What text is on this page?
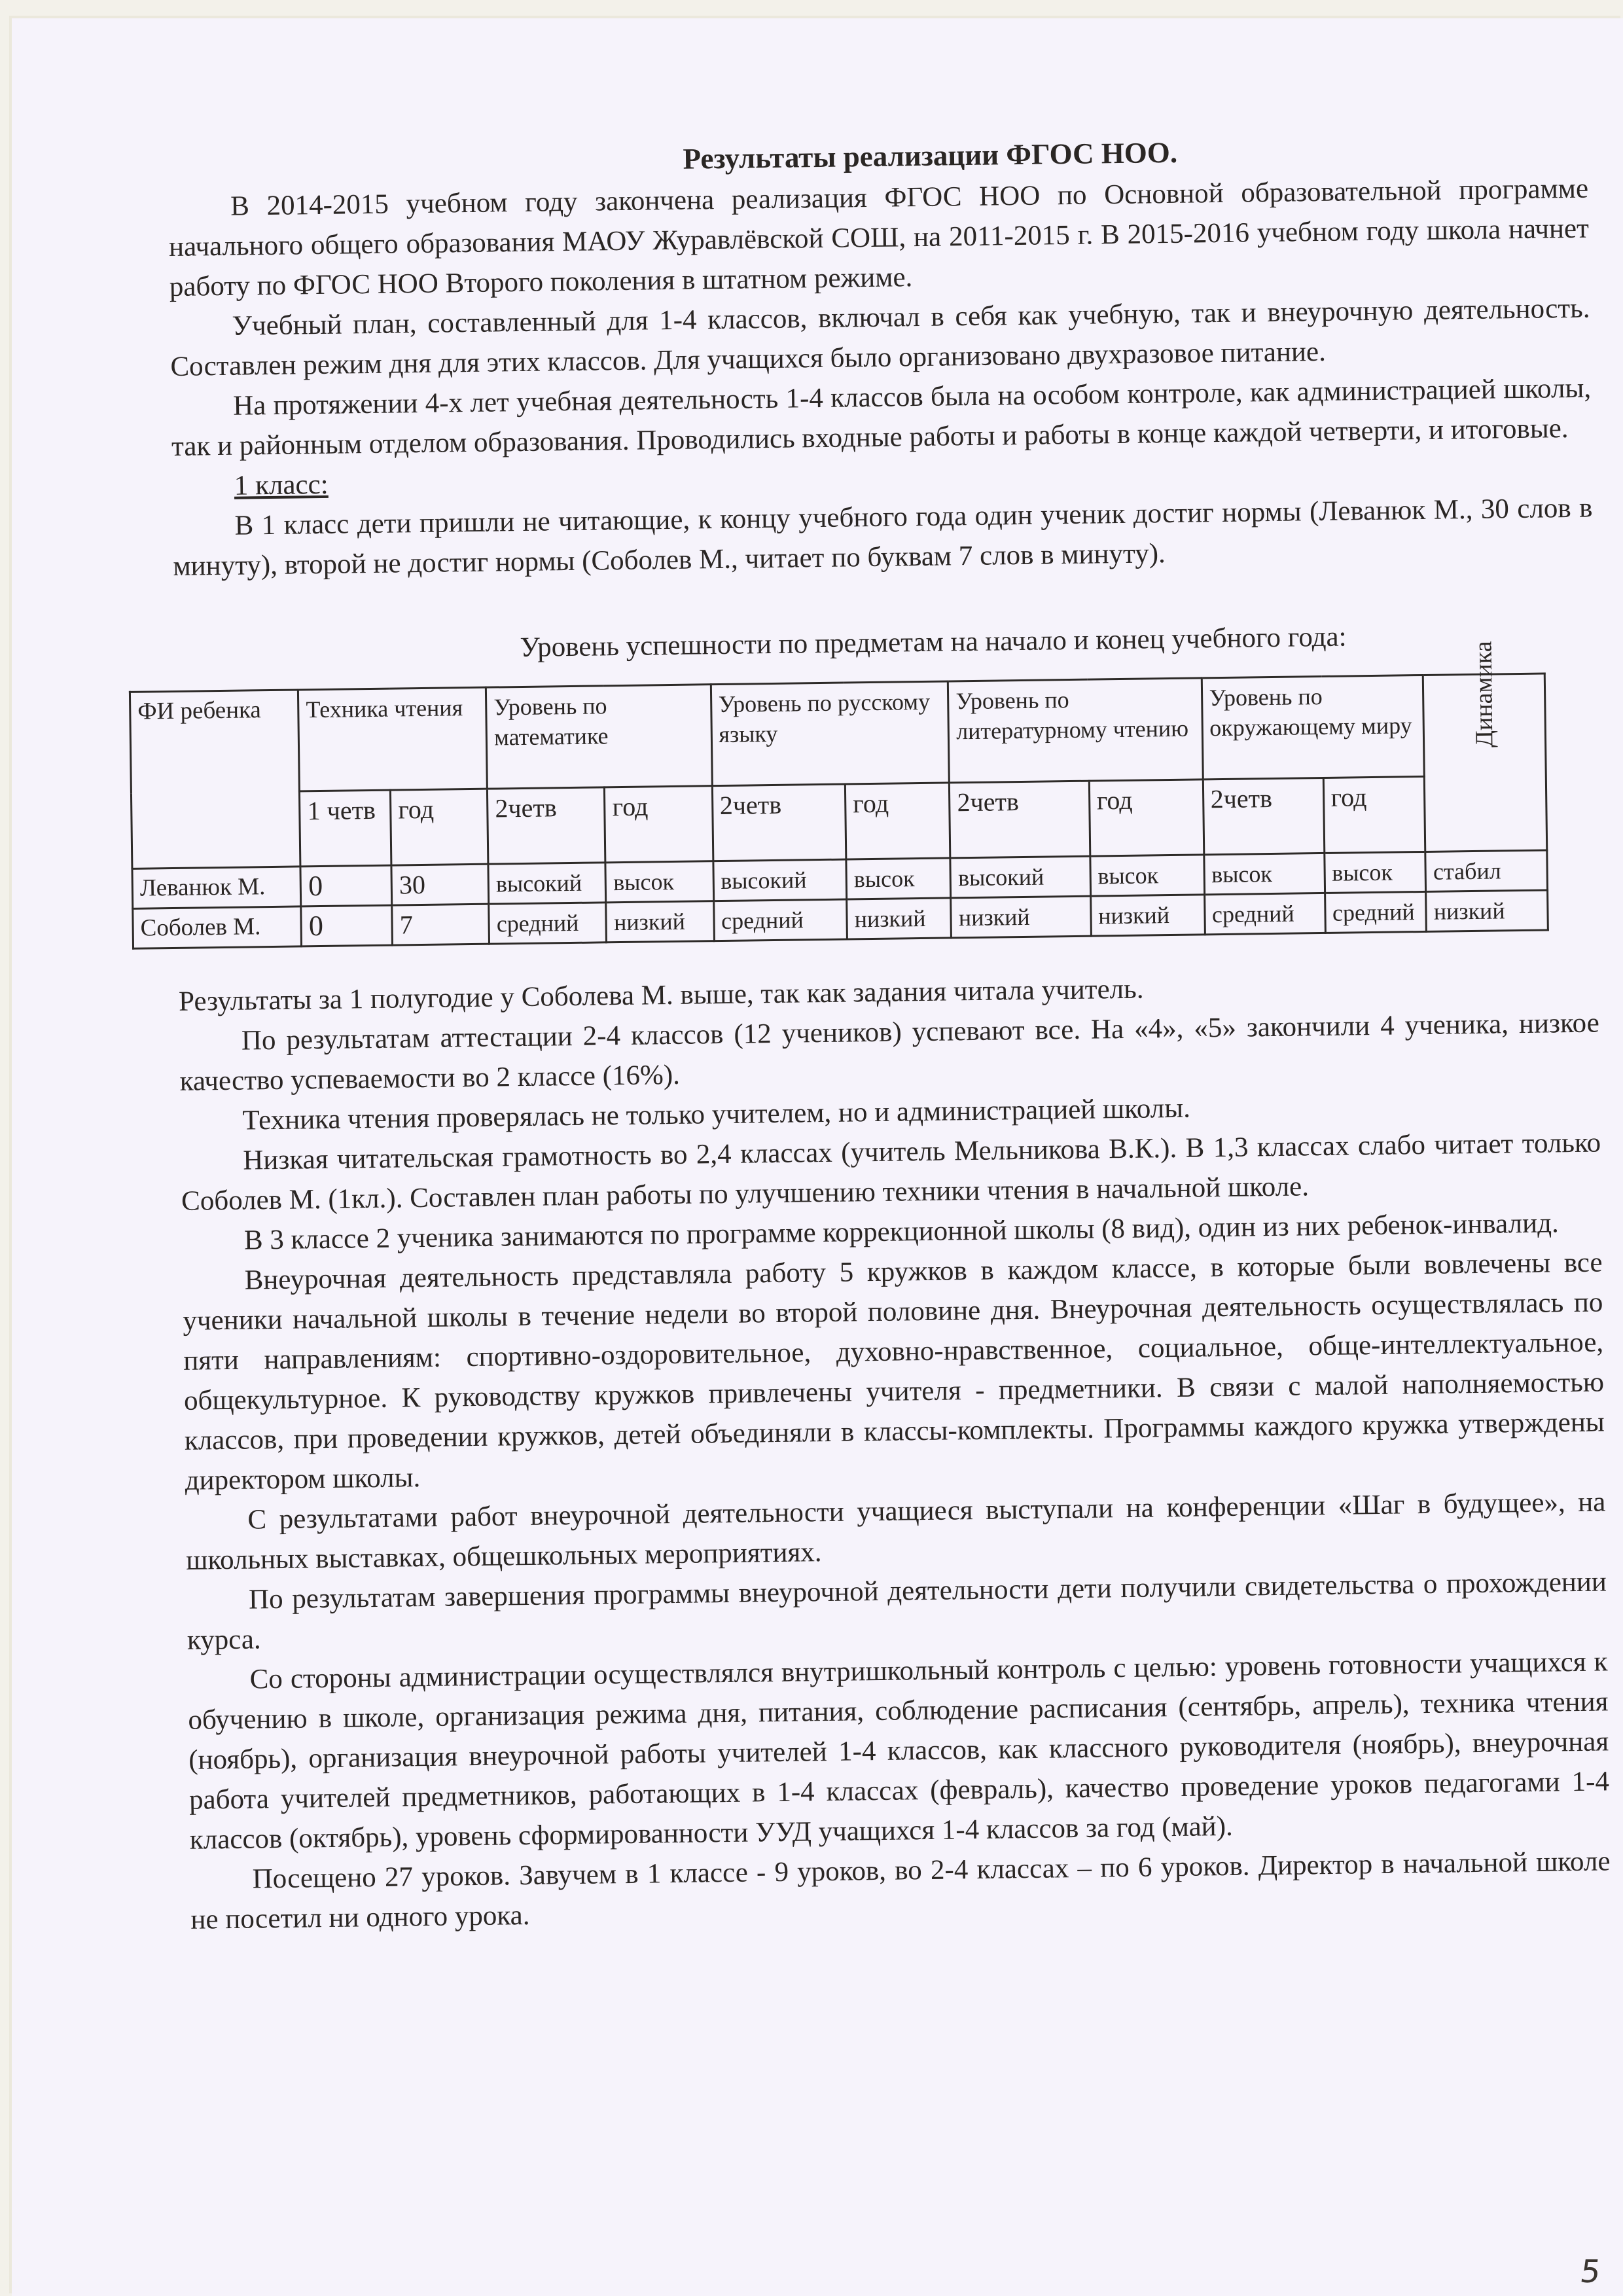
Результаты реализации ФГОС НОО.

В 2014-2015 учебном году закончена реализация ФГОС НОО по Основной образовательной программе начального общего образования МАОУ Журавлёвской СОШ, на 2011-2015 г. В 2015-2016 учебном году школа начнет работу по ФГОС НОО Второго поколения в штатном режиме.

Учебный план, составленный для 1-4 классов, включал в себя как учебную, так и внеурочную деятельность. Составлен режим дня для этих классов. Для учащихся было организовано двухразовое питание.

На протяжении 4-х лет учебная деятельность 1-4 классов была на особом контроле, как администрацией школы, так и районным отделом образования. Проводились входные работы и работы в конце каждой четверти, и итоговые.

1 класс:

В 1 класс дети пришли не читающие, к концу учебного года один ученик достиг нормы (Леванюк М., 30 слов в минуту), второй не достиг нормы (Соболев М., читает по буквам 7 слов в минуту).

Уровень успешности по предметам на начало и конец учебного года:
ФИ ребенка	Техника чтения		Уровень по математике		Уровень по русскому языку		Уровень по литературному чтению		Уровень по окружающему миру		Динамика
	1 четв	год	2четв	год	2четв	год	2четв	год	2четв	год	
Леванюк М.	0	30	высокий	высок	высокий	высок	высокий	высок	высок	высок	стабил
Соболев М.	0	7	средний	низкий	средний	низкий	низкий	низкий	средний	средний	низкий

Результаты за 1 полугодие у Соболева М. выше, так как задания читала учитель.

По результатам аттестации 2-4 классов (12 учеников) успевают все. На «4», «5» закончили 4 ученика, низкое качество успеваемости во 2 классе (16%).

Техника чтения проверялась не только учителем, но и администрацией школы.

Низкая читательская грамотность во 2,4 классах (учитель Мельникова В.К.). В 1,3 классах слабо читает только Соболев М. (1кл.). Составлен план работы по улучшению техники чтения в начальной школе.

В 3 классе 2 ученика занимаются по программе коррекционной школы (8 вид), один из них ребенок-инвалид.

Внеурочная деятельность представляла работу 5 кружков в каждом классе, в которые были вовлечены все ученики начальной школы в течение недели во второй половине дня. Внеурочная деятельность осуществлялась по пяти направлениям: спортивно-оздоровительное, духовно-нравственное, социальное, обще-интеллектуальное, общекультурное. К руководству кружков привлечены учителя - предметники. В связи с малой наполняемостью классов, при проведении кружков, детей объединяли в классы-комплекты. Программы каждого кружка утверждены директором школы.

С результатами работ внеурочной деятельности учащиеся выступали на конференции «Шаг в будущее», на школьных выставках, общешкольных мероприятиях.

По результатам завершения программы внеурочной деятельности дети получили свидетельства о прохождении курса.

Со стороны администрации осуществлялся внутришкольный контроль с целью: уровень готовности учащихся к обучению в школе, организация режима дня, питания, соблюдение расписания (сентябрь, апрель), техника чтения (ноябрь), организация внеурочной работы учителей 1-4 классов, как классного руководителя (ноябрь), внеурочная работа учителей предметников, работающих в 1-4 классах (февраль), качество проведение уроков педагогами 1-4 классов (октябрь), уровень сформированности УУД учащихся 1-4 классов за год (май).

Посещено 27 уроков. Завучем в 1 классе - 9 уроков, во 2-4 классах – по 6 уроков. Директор в начальной школе не посетил ни одного урока.

5
